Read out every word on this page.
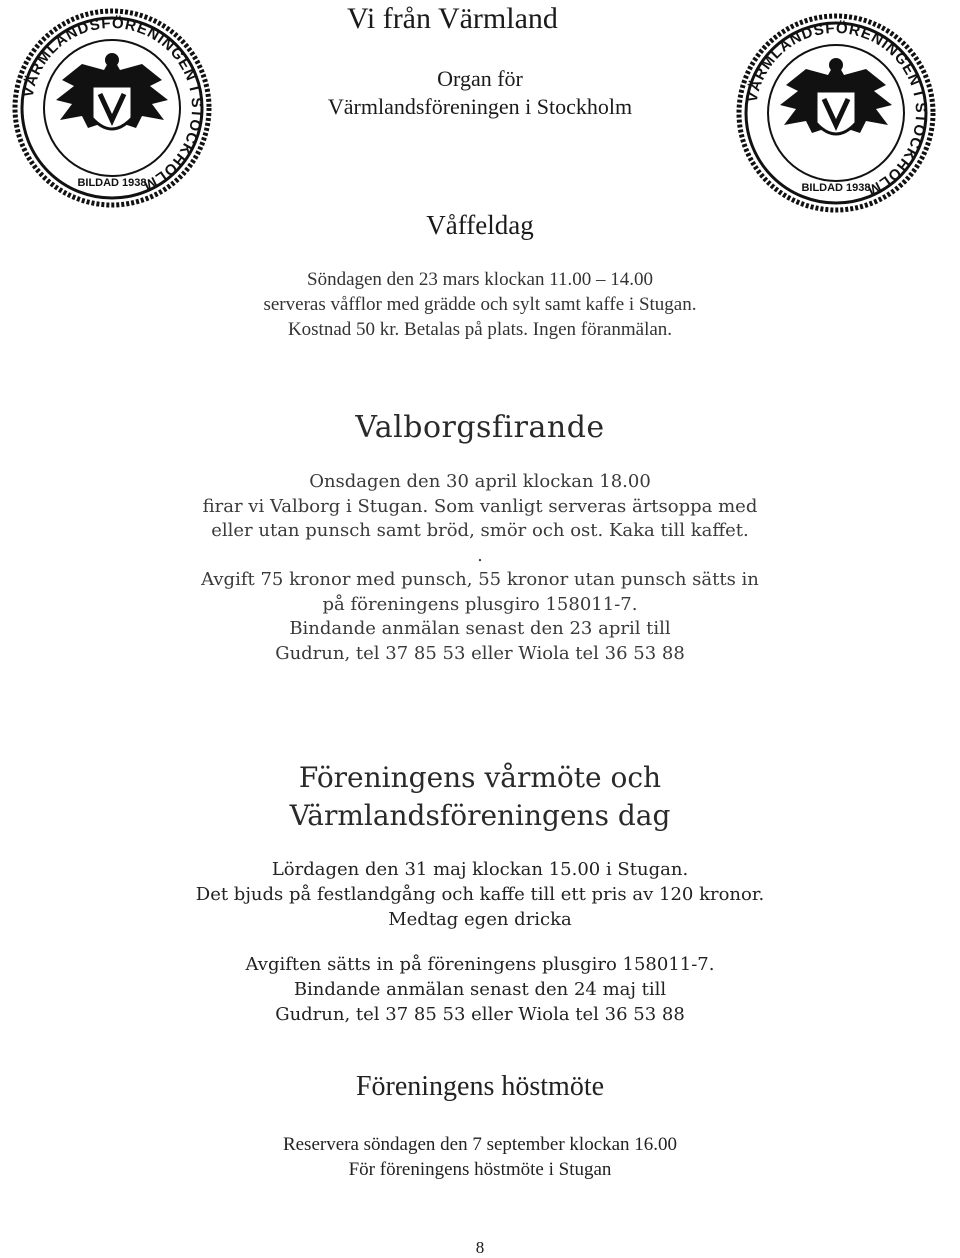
Vi från Värmland
Organ för
Värmlandsföreningen i Stockholm
VÄRMLANDSFÖRENINGEN I STOCKHOLM
BILDAD 1938
VÄRMLANDSFÖRENINGEN I STOCKHOLM
BILDAD 1938
Våffeldag
Söndagen den 23 mars klockan 11.00 – 14.00
serveras våfflor med grädde och sylt samt kaffe i Stugan.
Kostnad 50 kr. Betalas på plats. Ingen föranmälan.
Valborgsfirande
Onsdagen den 30 april klockan 18.00
firar vi Valborg i Stugan. Som vanligt serveras ärtsoppa med
eller utan punsch samt bröd, smör och ost. Kaka till kaffet.
.
Avgift 75 kronor med punsch, 55 kronor utan punsch sätts in
på föreningens plusgiro 158011-7.
Bindande anmälan senast den 23 april till
Gudrun, tel 37 85 53 eller Wiola tel 36 53 88
Föreningens vårmöte och
Värmlandsföreningens dag
Lördagen den 31 maj klockan 15.00 i Stugan.
Det bjuds på festlandgång och kaffe till ett pris av 120 kronor.
Medtag egen dricka
Avgiften sätts in på föreningens plusgiro 158011-7.
Bindande anmälan senast den 24 maj till
Gudrun, tel 37 85 53 eller Wiola tel 36 53 88
Föreningens höstmöte
Reservera söndagen den 7 september klockan 16.00
För föreningens höstmöte i Stugan
8
